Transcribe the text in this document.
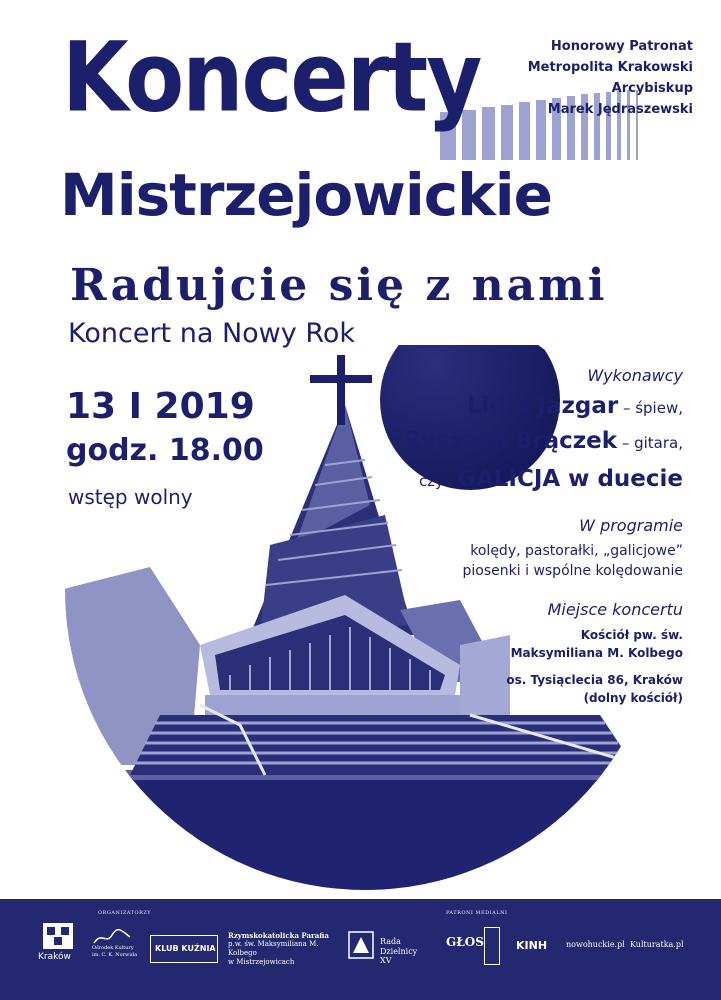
Koncerty
Mistrzejowickie
Radujcie się z nami
Koncert na Nowy Rok
Honorowy Patronat
Metropolita Krakowski
Arcybiskup
Marek Jędraszewski
13 I 2019
godz. 18.00
wstęp wolny
Wykonawcy
Lidia Jazgar – śpiew,
Ryszard Brączek – gitara,
czyli GALICJA w duecie
W programie
kolędy, pastorałki, „galicjowe”
piosenki i wspólne kolędowanie
Miejsce koncertu
Kościół pw. św.
Maksymiliana M. Kolbego
os. Tysiąclecia 86, Kraków
(dolny kościół)
ORGANIZATORZY	PATRONI MEDIALNI
Kraków
Ośrodek Kultury
im. C. K. Norwida
KLUB KUŹNIA
Rzymskokatolicka Parafia
p.w. św. Maksymiliana M. Kolbego
w Mistrzejowicach
Rada
Dzielnicy XV
GŁOS	KINH nowohuckie.pl Kulturatka.pl
